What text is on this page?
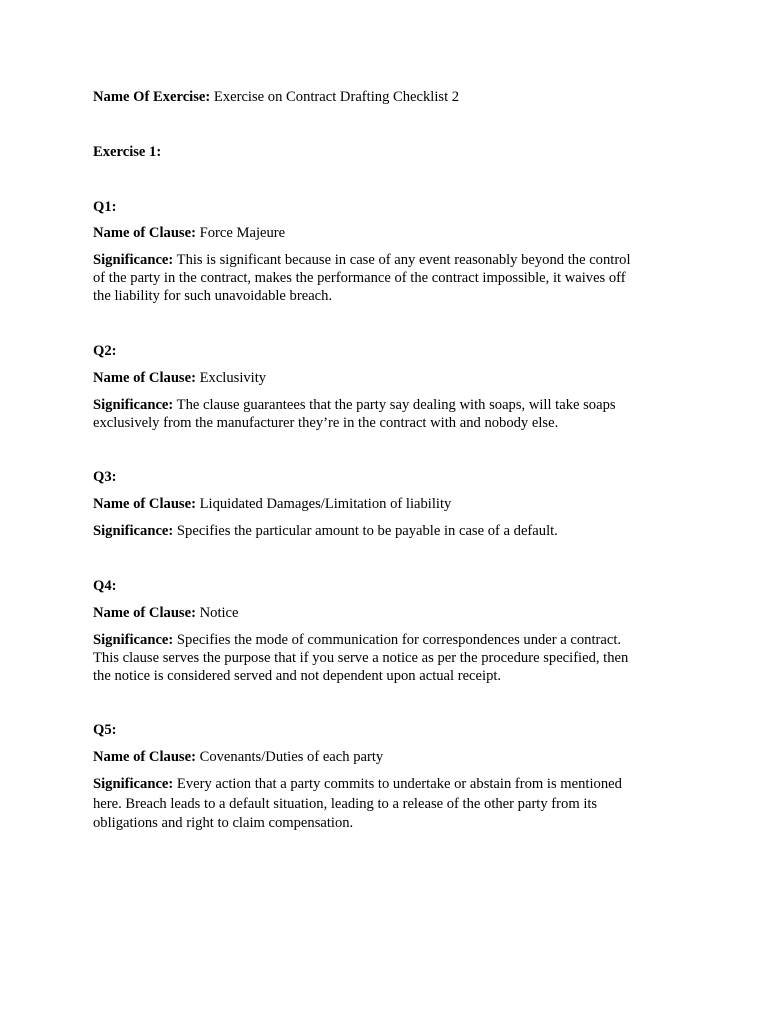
Name Of Exercise: Exercise on Contract Drafting Checklist 2

Exercise 1:

Q1:

Name of Clause: Force Majeure

Significance: This is significant because in case of any event reasonably beyond the control
of the party in the contract, makes the performance of the contract impossible, it waives off
the liability for such unavoidable breach.

Q2:

Name of Clause: Exclusivity

Significance: The clause guarantees that the party say dealing with soaps, will take soaps
exclusively from the manufacturer they’re in the contract with and nobody else.

Q3:

Name of Clause: Liquidated Damages/Limitation of liability

Significance: Specifies the particular amount to be payable in case of a default.

Q4:

Name of Clause: Notice

Significance: Specifies the mode of communication for correspondences under a contract.
This clause serves the purpose that if you serve a notice as per the procedure specified, then
the notice is considered served and not dependent upon actual receipt.

Q5:

Name of Clause: Covenants/Duties of each party

Significance: Every action that a party commits to undertake or abstain from is mentioned
here. Breach leads to a default situation, leading to a release of the other party from its
obligations and right to claim compensation.
